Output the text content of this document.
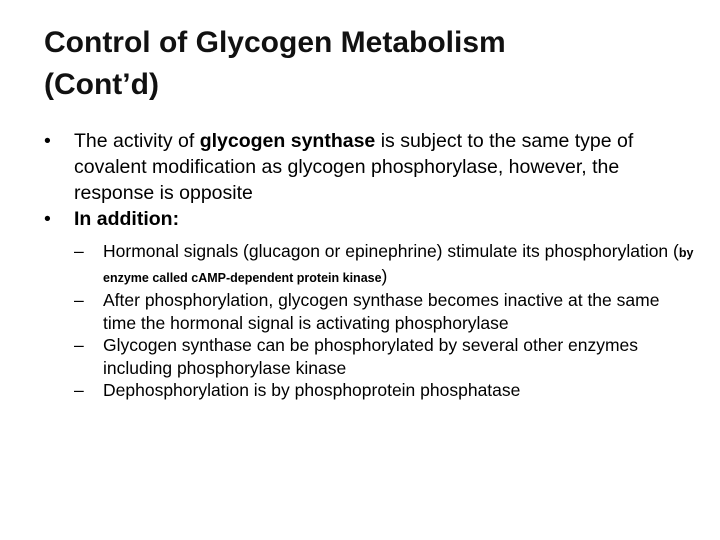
Control of Glycogen Metabolism
(Cont’d)
• The activity of glycogen synthase is subject to the same type of covalent modification as glycogen phosphorylase, however, the response is opposite
• In addition:
– Hormonal signals (glucagon or epinephrine) stimulate its phosphorylation (by enzyme called cAMP-dependent protein kinase)
– After phosphorylation, glycogen synthase becomes inactive at the same time the hormonal signal is activating phosphorylase
– Glycogen synthase can be phosphorylated by several other enzymes including phosphorylase kinase
– Dephosphorylation is by phosphoprotein phosphatase
